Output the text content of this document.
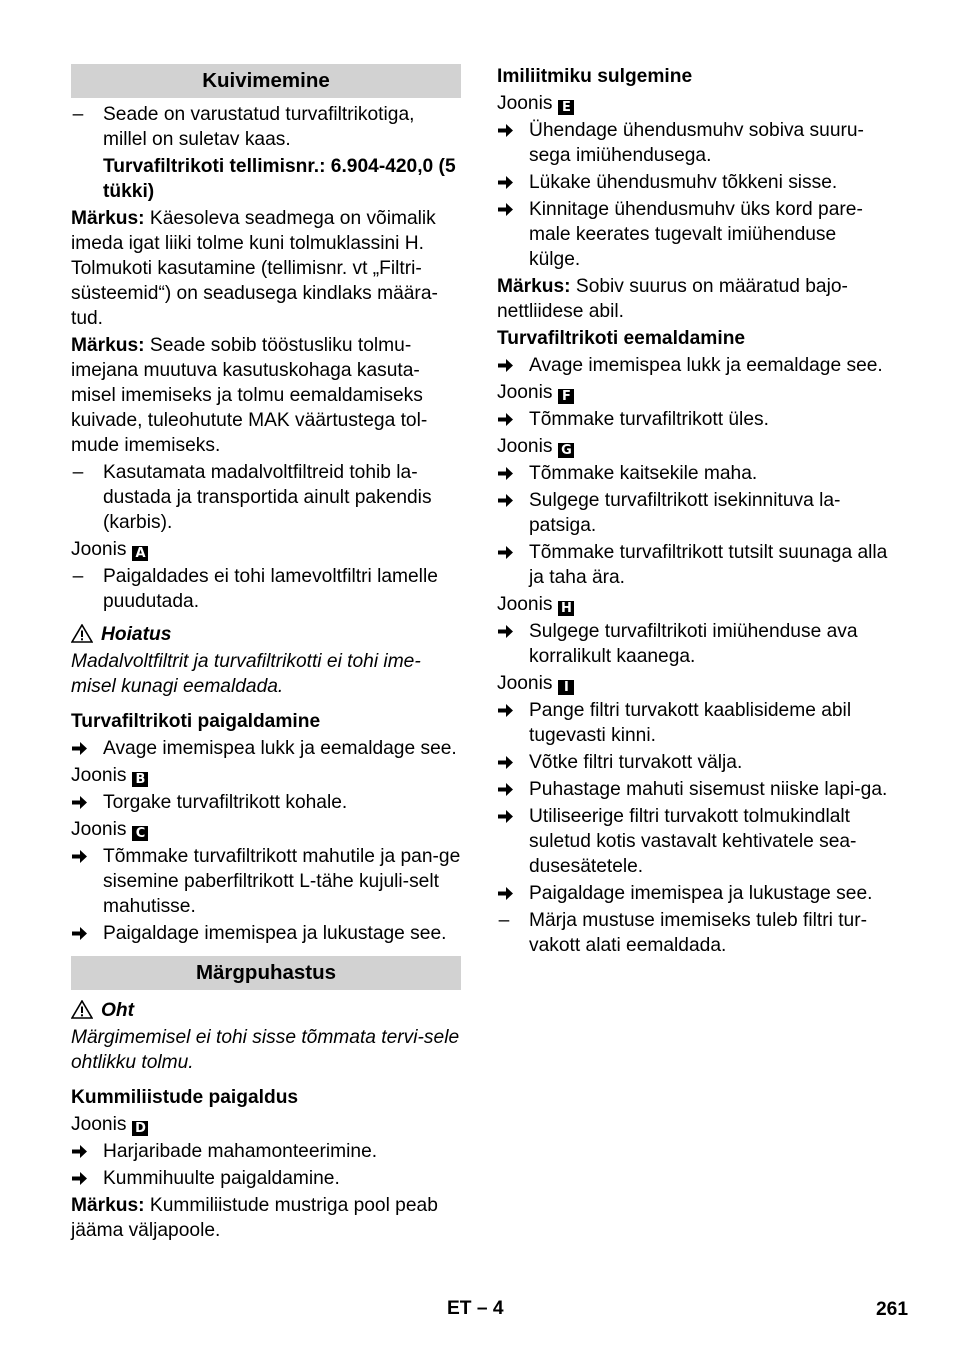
Kuivimemine
– Seade on varustatud turvafiltrikotiga, millel on suletav kaas.
Turvafiltrikoti tellimisnr.: 6.904-420,0 (5 tükki)
Märkus: Käesoleva seadmega on võimalik imeda igat liiki tolme kuni tolmuklassini H. Tolmukoti kasutamine (tellimisnr. vt „Filtri-süsteemid“) on seadusega kindlaks määra-tud.
Märkus: Seade sobib tööstusliku tolmu-imejana muutuva kasutuskohaga kasuta-misel imemiseks ja tolmu eemaldamiseks kuivade, tuleohutute MAK väärtustega tol-mude imemiseks.
– Kasutamata madalvoltfiltreid tohib la-dustada ja transportida ainult pakendis (karbis).
Joonis A
– Paigaldades ei tohi lamevoltfiltri lamelle puudutada.
Hoiatus
Madalvoltfiltrit ja turvafiltrikotti ei tohi ime-misel kunagi eemaldada.
Turvafiltrikoti paigaldamine
Avage imemispea lukk ja eemaldage see.
Joonis B
Torgake turvafiltrikott kohale.
Joonis C
Tõmmake turvafiltrikott mahutile ja pan-ge sisemine paberfiltrikott L-tähe kujuli-selt mahutisse.
Paigaldage imemispea ja lukustage see.
Märgpuhastus
Oht
Märgimemisel ei tohi sisse tõmmata tervi-sele ohtlikku tolmu.
Kummiliistude paigaldus
Joonis D
Harjaribade mahamonteerimine.
Kummihuulte paigaldamine.
Märkus: Kummiliistude mustriga pool peab jääma väljapoole.
Imiliitmiku sulgemine
Joonis E
Ühendage ühendusmuhv sobiva suuru-sega imiühendusega.
Lükake ühendusmuhv tõkkeni sisse.
Kinnitage ühendusmuhv üks kord pare-male keerates tugevalt imiühenduse külge.
Märkus: Sobiv suurus on määratud bajo-nettliidese abil.
Turvafiltrikoti eemaldamine
Avage imemispea lukk ja eemaldage see.
Joonis F
Tõmmake turvafiltrikott üles.
Joonis G
Tõmmake kaitsekile maha.
Sulgege turvafiltrikott isekinnituva la-patsiga.
Tõmmake turvafiltrikott tutsilt suunaga alla ja taha ära.
Joonis H
Sulgege turvafiltrikoti imiühenduse ava korralikult kaanega.
Joonis I
Pange filtri turvakott kaablisideme abil tugevasti kinni.
Võtke filtri turvakott välja.
Puhastage mahuti sisemust niiske lapi-ga.
Utiliseerige filtri turvakott tolmukindlalt suletud kotis vastavalt kehtivatele sea-dusesätetele.
Paigaldage imemispea ja lukustage see.
– Märja mustuse imemiseks tuleb filtri tur-vakott alati eemaldada.
ET – 4	261
